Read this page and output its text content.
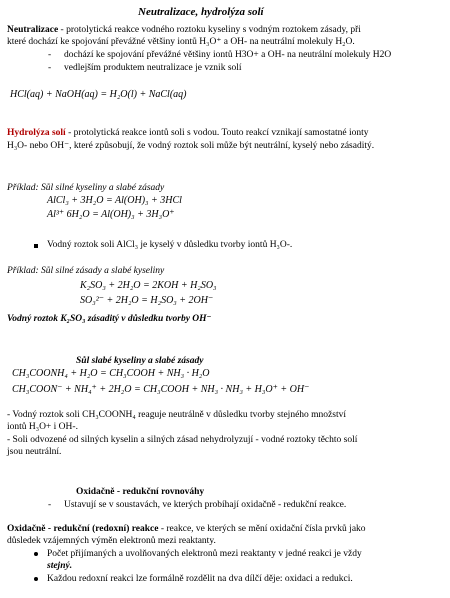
Neutralizace, hydrolýza solí
Neutralizace - protolytická reakce vodného roztoku kyseliny s vodným roztokem zásady, při
které dochází ke spojování převážné většiny iontů H₃O⁺ a OH- na neutrální molekuly H₂O.
- dochází ke spojování převážné většiny iontů H3O+ a OH- na neutrální molekuly H2O
- vedlejším produktem neutralizace je vznik solí
HCl(aq) + NaOH(aq) = H₂O(l) + NaCl(aq)
Hydrolýza solí - protolytická reakce iontů soli s vodou. Touto reakcí vznikají samostatné ionty
H₃O- nebo OH⁻, které způsobují, že vodný roztok soli může být neutrální, kyselý nebo zásaditý.
Příklad: Sůl silné kyseliny a slabé zásady
AlCl₃ + 3H₂O = Al(OH)₃ + 3HCl
Al³⁺ 6H₂O = Al(OH)₃ + 3H₃O⁺
Vodný roztok soli AlCl₃ je kyselý v důsledku tvorby iontů H₃O-.
Příklad: Sůl silné zásady a slabé kyseliny
K₂SO₃ + 2H₂O = 2KOH + H₂SO₃
SO₃²⁻ + 2H₂O = H₂SO₃ + 2OH⁻
Vodný roztok K₂SO₃ zásaditý v důsledku tvorby OH⁻
Sůl slabé kyseliny a slabé zásady
CH₃COONH₄ + H₂O = CH₃COOH + NH₃ · H₂O
CH₃COON⁻ + NH₄⁺ + 2H₂O = CH₃COOH + NH₃ · NH₃ + H₃O⁺ + OH⁻
- Vodný roztok soli CH₃COONH₄ reaguje neutrálně v důsledku tvorby stejného množství
iontů H₃O+ i OH-.
- Soli odvozené od silných kyselin a silných zásad nehydrolyzují - vodné roztoky těchto solí
jsou neutrální.
Oxidačně - redukční rovnováhy
- Ustavují se v soustavách, ve kterých probíhají oxidačně - redukční reakce.
Oxidačně - redukční (redoxní) reakce - reakce, ve kterých se mění oxidační čísla prvků jako
důsledek vzájemných výměn elektronů mezi reaktanty.
Počet přijímaných a uvolňovaných elektronů mezi reaktanty v jedné reakci je vždy
stejný.
Každou redoxní reakci lze formálně rozdělit na dva dílčí děje: oxidaci a redukci.
